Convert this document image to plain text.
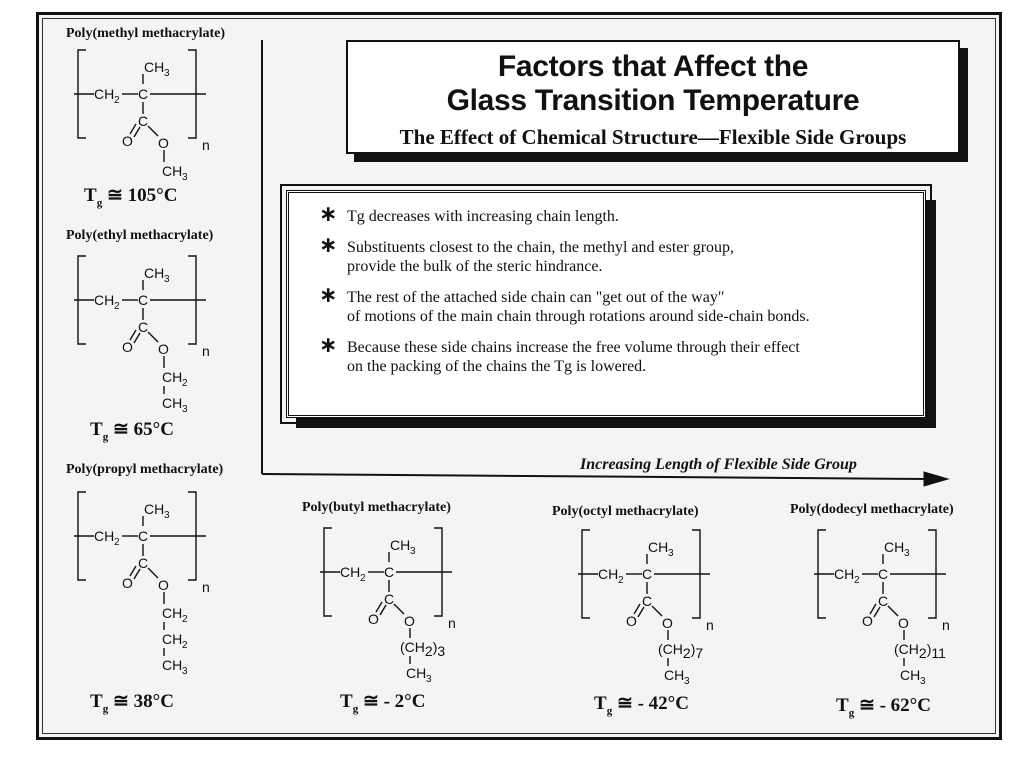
Factors that Affect the
Glass Transition Temperature
The Effect of Chemical Structure—Flexible Side Groups
∗ Tg decreases with increasing chain length.
∗ Substituents closest to the chain, the methyl and ester group,
provide the bulk of the steric hindrance.
∗ The rest of the attached side chain can "get out of the way"
of motions of the main chain through rotations around side-chain bonds.
∗ Because these side chains increase the free volume through their effect
on the packing of the chains the Tg is lowered.
Increasing Length of Flexible Side Group
Poly(methyl methacrylate)
Poly(ethyl methacrylate)
Poly(propyl methacrylate)
Poly(butyl methacrylate)	Poly(octyl methacrylate)	Poly(dodecyl methacrylate)
CH 2 C
CH 3
C
O O
CH 3
n
$T_g$ ≅ 105°C
CH 2 C
CH 3
C
O O
CH 2
CH 3
n
$T_g$ ≅ 65°C
CH 2 C
CH 3
C
O O
CH 2
CH 2
CH 3
n
$T_g$ ≅ 38°C
CH 2 C
CH 3
C
O O
(CH2)3
CH 3
n
$T_g$ ≅ - 2°C
CH 2 C
CH 3
C
O O
(CH2)7
CH 3
n
$T_g$ ≅ - 42°C
CH 2 C
CH 3
C
O O
(CH2)11
CH 3
n
$T_g$ ≅ - 62°C
